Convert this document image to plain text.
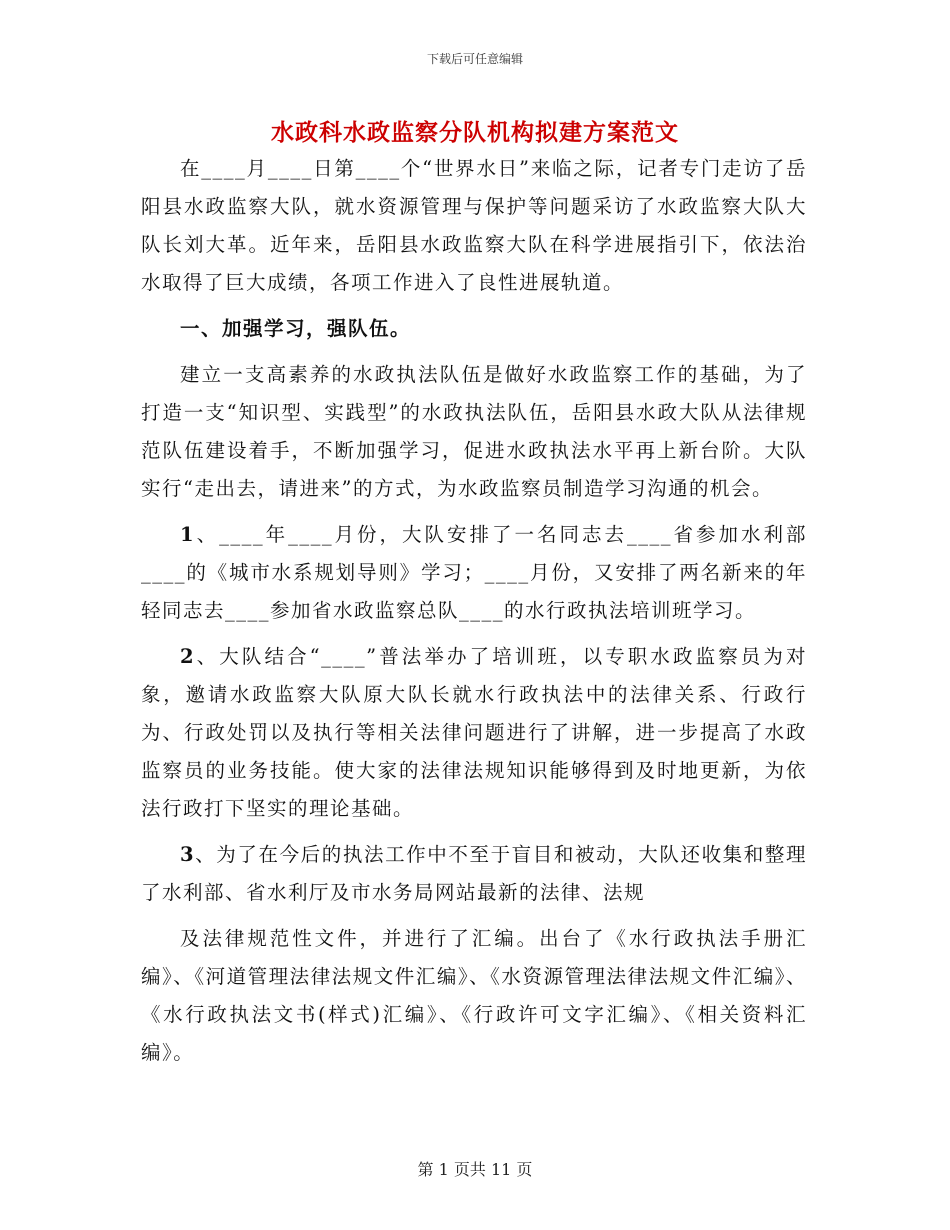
下载后可任意编辑
水政科水政监察分队机构拟建方案范文

在____月____日第____个“世界水日”来临之际，记者专门走访了岳阳县水政监察大队，就水资源管理与保护等问题采访了水政监察大队大队长刘大革。近年来，岳阳县水政监察大队在科学进展指引下，依法治水取得了巨大成绩，各项工作进入了良性进展轨道。

一、加强学习，强队伍。

建立一支高素养的水政执法队伍是做好水政监察工作的基础，为了打造一支“知识型、实践型”的水政执法队伍，岳阳县水政大队从法律规范队伍建设着手，不断加强学习，促进水政执法水平再上新台阶。大队实行“走出去，请进来”的方式，为水政监察员制造学习沟通的机会。

1、____年____月份，大队安排了一名同志去____省参加水利部____的《城市水系规划导则》学习；____月份，又安排了两名新来的年轻同志去____参加省水政监察总队____的水行政执法培训班学习。

2、大队结合“____”普法举办了培训班，以专职水政监察员为对象，邀请水政监察大队原大队长就水行政执法中的法律关系、行政行为、行政处罚以及执行等相关法律问题进行了讲解，进一步提高了水政监察员的业务技能。使大家的法律法规知识能够得到及时地更新，为依法行政打下坚实的理论基础。

3、为了在今后的执法工作中不至于盲目和被动，大队还收集和整理了水利部、省水利厅及市水务局网站最新的法律、法规

及法律规范性文件，并进行了汇编。出台了《水行政执法手册汇编》、《河道管理法律法规文件汇编》、《水资源管理法律法规文件汇编》、《水行政执法文书(样式)汇编》、《行政许可文字汇编》、《相关资料汇编》。

第 1 页共 11 页
